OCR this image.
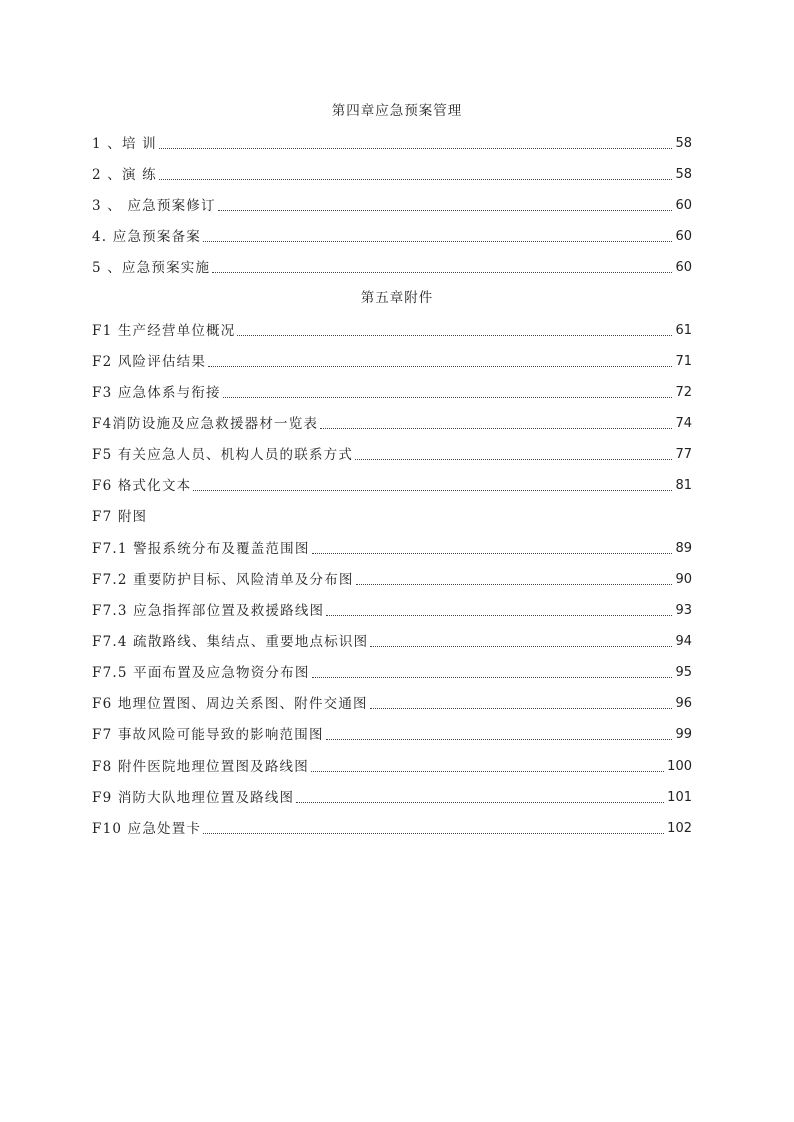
第四章应急预案管理
1 、培 训	58
2 、演 练	58
3 、 应急预案修订	60
4. 应急预案备案	60
5 、应急预案实施	60
第五章附件
F1 生产经营单位概况	61
F2 风险评估结果	71
F3 应急体系与衔接	72
F4消防设施及应急救援器材一览表	74
F5 有关应急人员、机构人员的联系方式	77
F6 格式化文本	81
F7 附图
F7.1 警报系统分布及覆盖范围图	89
F7.2 重要防护目标、风险清单及分布图	90
F7.3 应急指挥部位置及救援路线图	93
F7.4 疏散路线、集结点、重要地点标识图	94
F7.5 平面布置及应急物资分布图	95
F6 地理位置图、周边关系图、附件交通图	96
F7 事故风险可能导致的影响范围图	99
F8 附件医院地理位置图及路线图	100
F9 消防大队地理位置及路线图	101
F10 应急处置卡	102
